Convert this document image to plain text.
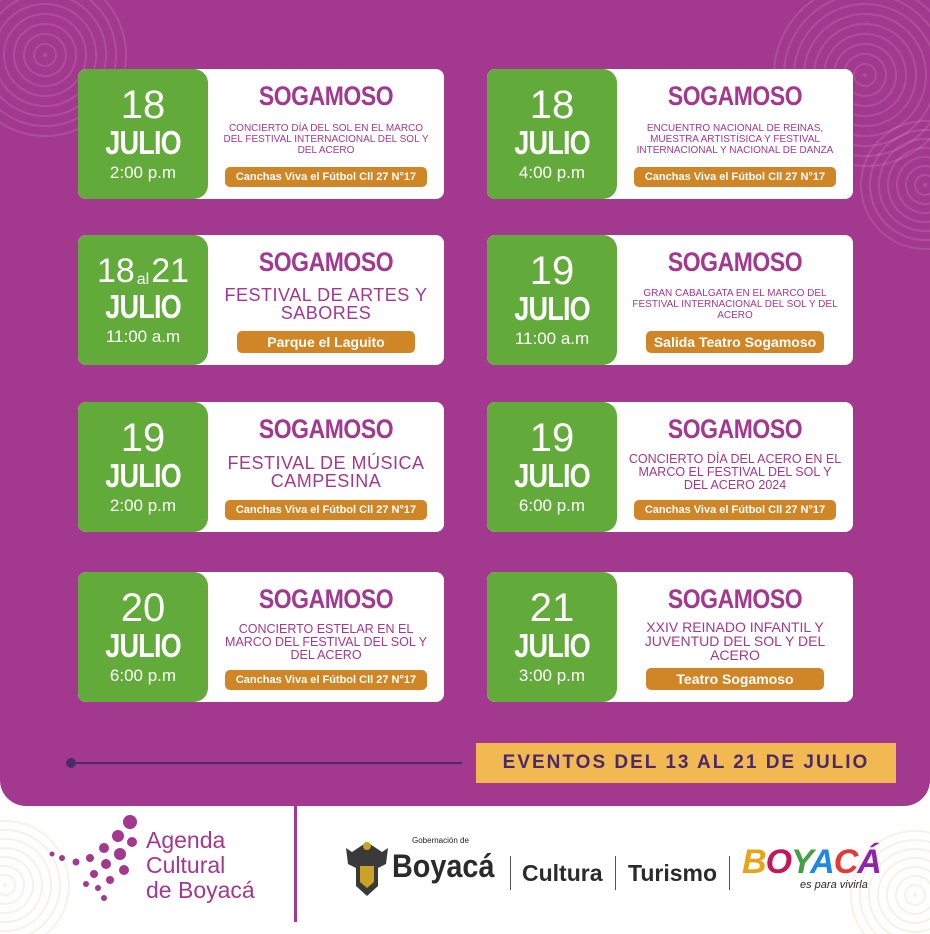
18
JULIO
2:00 p.m
SOGAMOSO
CONCIERTO DÍA DEL SOL EN EL MARCO DEL FESTIVAL INTERNACIONAL DEL SOL Y DEL ACERO
Canchas Viva el Fútbol Cll 27 N°17
18
JULIO
4:00 p.m
SOGAMOSO
ENCUENTRO NACIONAL DE REINAS, MUESTRA ARTISTÍSICA Y FESTIVAL INTERNACIONAL Y NACIONAL DE DANZA
Canchas Viva el Fútbol Cll 27 N°17
18 al 21
JULIO
11:00 a.m
SOGAMOSO
FESTIVAL DE ARTES Y SABORES
Parque el Laguito
19
JULIO
11:00 a.m
SOGAMOSO
GRAN CABALGATA EN EL MARCO DEL FESTIVAL INTERNACIONAL DEL SOL Y DEL ACERO
Salida Teatro Sogamoso
19
JULIO
2:00 p.m
SOGAMOSO
FESTIVAL DE MÚSICA CAMPESINA
Canchas Viva el Fútbol Cll 27 N°17
19
JULIO
6:00 p.m
SOGAMOSO
CONCIERTO DÍA DEL ACERO EN EL MARCO EL FESTIVAL DEL SOL Y DEL ACERO 2024
Canchas Viva el Fútbol Cll 27 N°17
20
JULIO
6:00 p.m
SOGAMOSO
CONCIERTO ESTELAR EN EL MARCO DEL FESTIVAL DEL SOL Y DEL ACERO
Canchas Viva el Fútbol Cll 27 N°17
21
JULIO
3:00 p.m
SOGAMOSO
XXIV REINADO INFANTIL Y JUVENTUD DEL SOL Y DEL ACERO
Teatro Sogamoso
EVENTOS DEL 13 AL 21 DE JULIO
Agenda
Cultural
de Boyacá
Gobernación de
Boyacá Cultura Turismo BOYACÁ
es para vivirla
